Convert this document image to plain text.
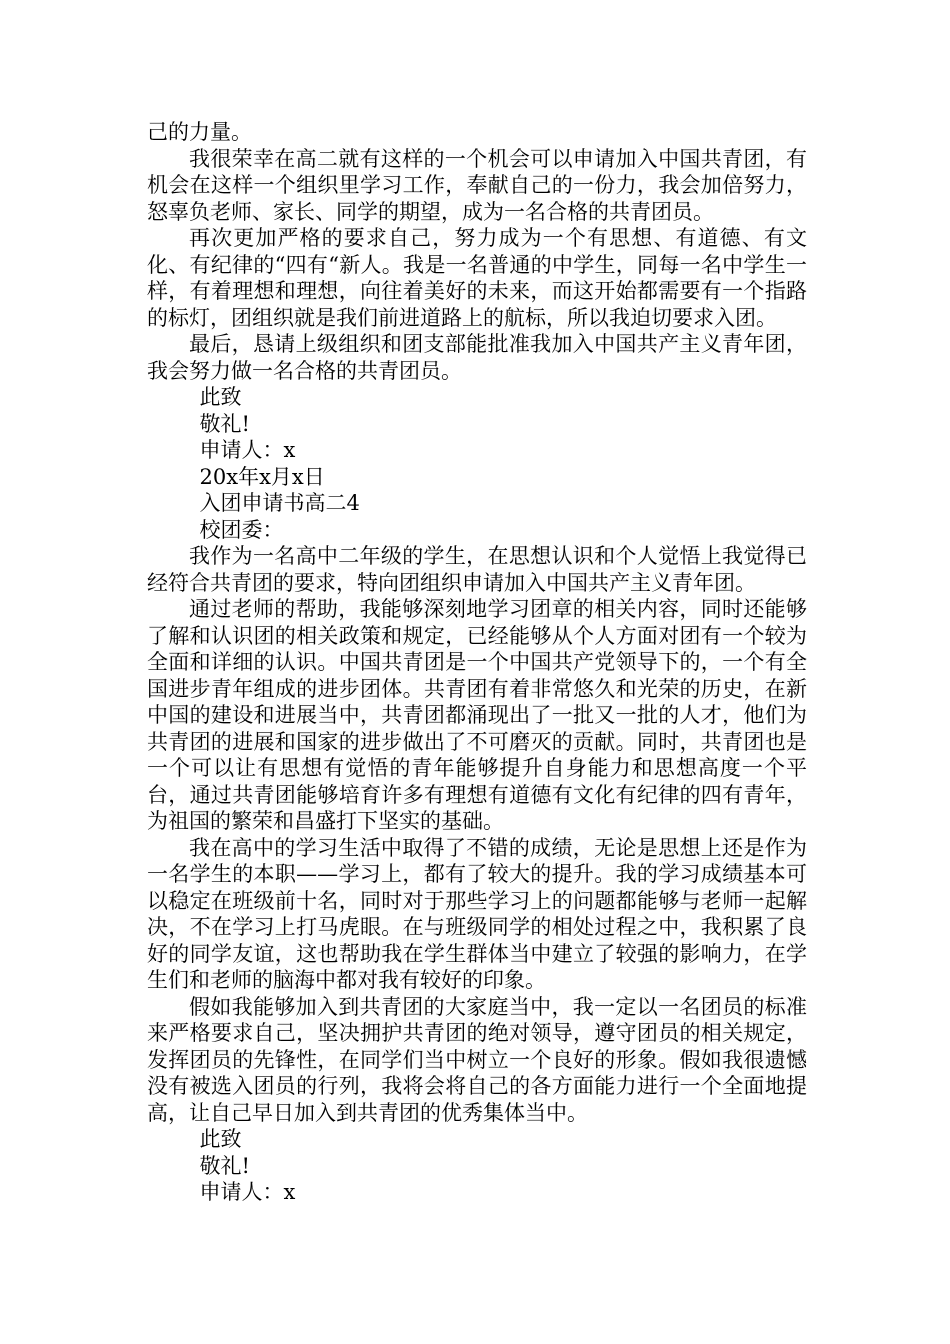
己的力量。

我很荣幸在高二就有这样的一个机会可以申请加入中国共青团，有机会在这样一个组织里学习工作，奉献自己的一份力，我会加倍努力，怒辜负老师、家长、同学的期望，成为一名合格的共青团员。

再次更加严格的要求自己，努力成为一个有思想、有道德、有文化、有纪律的“四有“新人。我是一名普通的中学生，同每一名中学生一样，有着理想和理想，向往着美好的未来，而这开始都需要有一个指路的标灯，团组织就是我们前进道路上的航标，所以我迫切要求入团。

最后，恳请上级组织和团支部能批准我加入中国共产主义青年团，我会努力做一名合格的共青团员。

此致

敬礼!

申请人：x

20x年x月x日

入团申请书高二4

校团委：

我作为一名高中二年级的学生，在思想认识和个人觉悟上我觉得已经符合共青团的要求，特向团组织申请加入中国共产主义青年团。

通过老师的帮助，我能够深刻地学习团章的相关内容，同时还能够了解和认识团的相关政策和规定，已经能够从个人方面对团有一个较为全面和详细的认识。中国共青团是一个中国共产党领导下的，一个有全国进步青年组成的进步团体。共青团有着非常悠久和光荣的历史，在新中国的建设和进展当中，共青团都涌现出了一批又一批的人才，他们为共青团的进展和国家的进步做出了不可磨灭的贡献。同时，共青团也是一个可以让有思想有觉悟的青年能够提升自身能力和思想高度一个平台，通过共青团能够培育许多有理想有道德有文化有纪律的四有青年，为祖国的繁荣和昌盛打下坚实的基础。

我在高中的学习生活中取得了不错的成绩，无论是思想上还是作为一名学生的本职——学习上，都有了较大的提升。我的学习成绩基本可以稳定在班级前十名，同时对于那些学习上的问题都能够与老师一起解决，不在学习上打马虎眼。在与班级同学的相处过程之中，我积累了良好的同学友谊，这也帮助我在学生群体当中建立了较强的影响力，在学生们和老师的脑海中都对我有较好的印象。

假如我能够加入到共青团的大家庭当中，我一定以一名团员的标准来严格要求自己，坚决拥护共青团的绝对领导，遵守团员的相关规定，发挥团员的先锋性，在同学们当中树立一个良好的形象。假如我很遗憾没有被选入团员的行列，我将会将自己的各方面能力进行一个全面地提高，让自己早日加入到共青团的优秀集体当中。

此致

敬礼!

申请人：x
